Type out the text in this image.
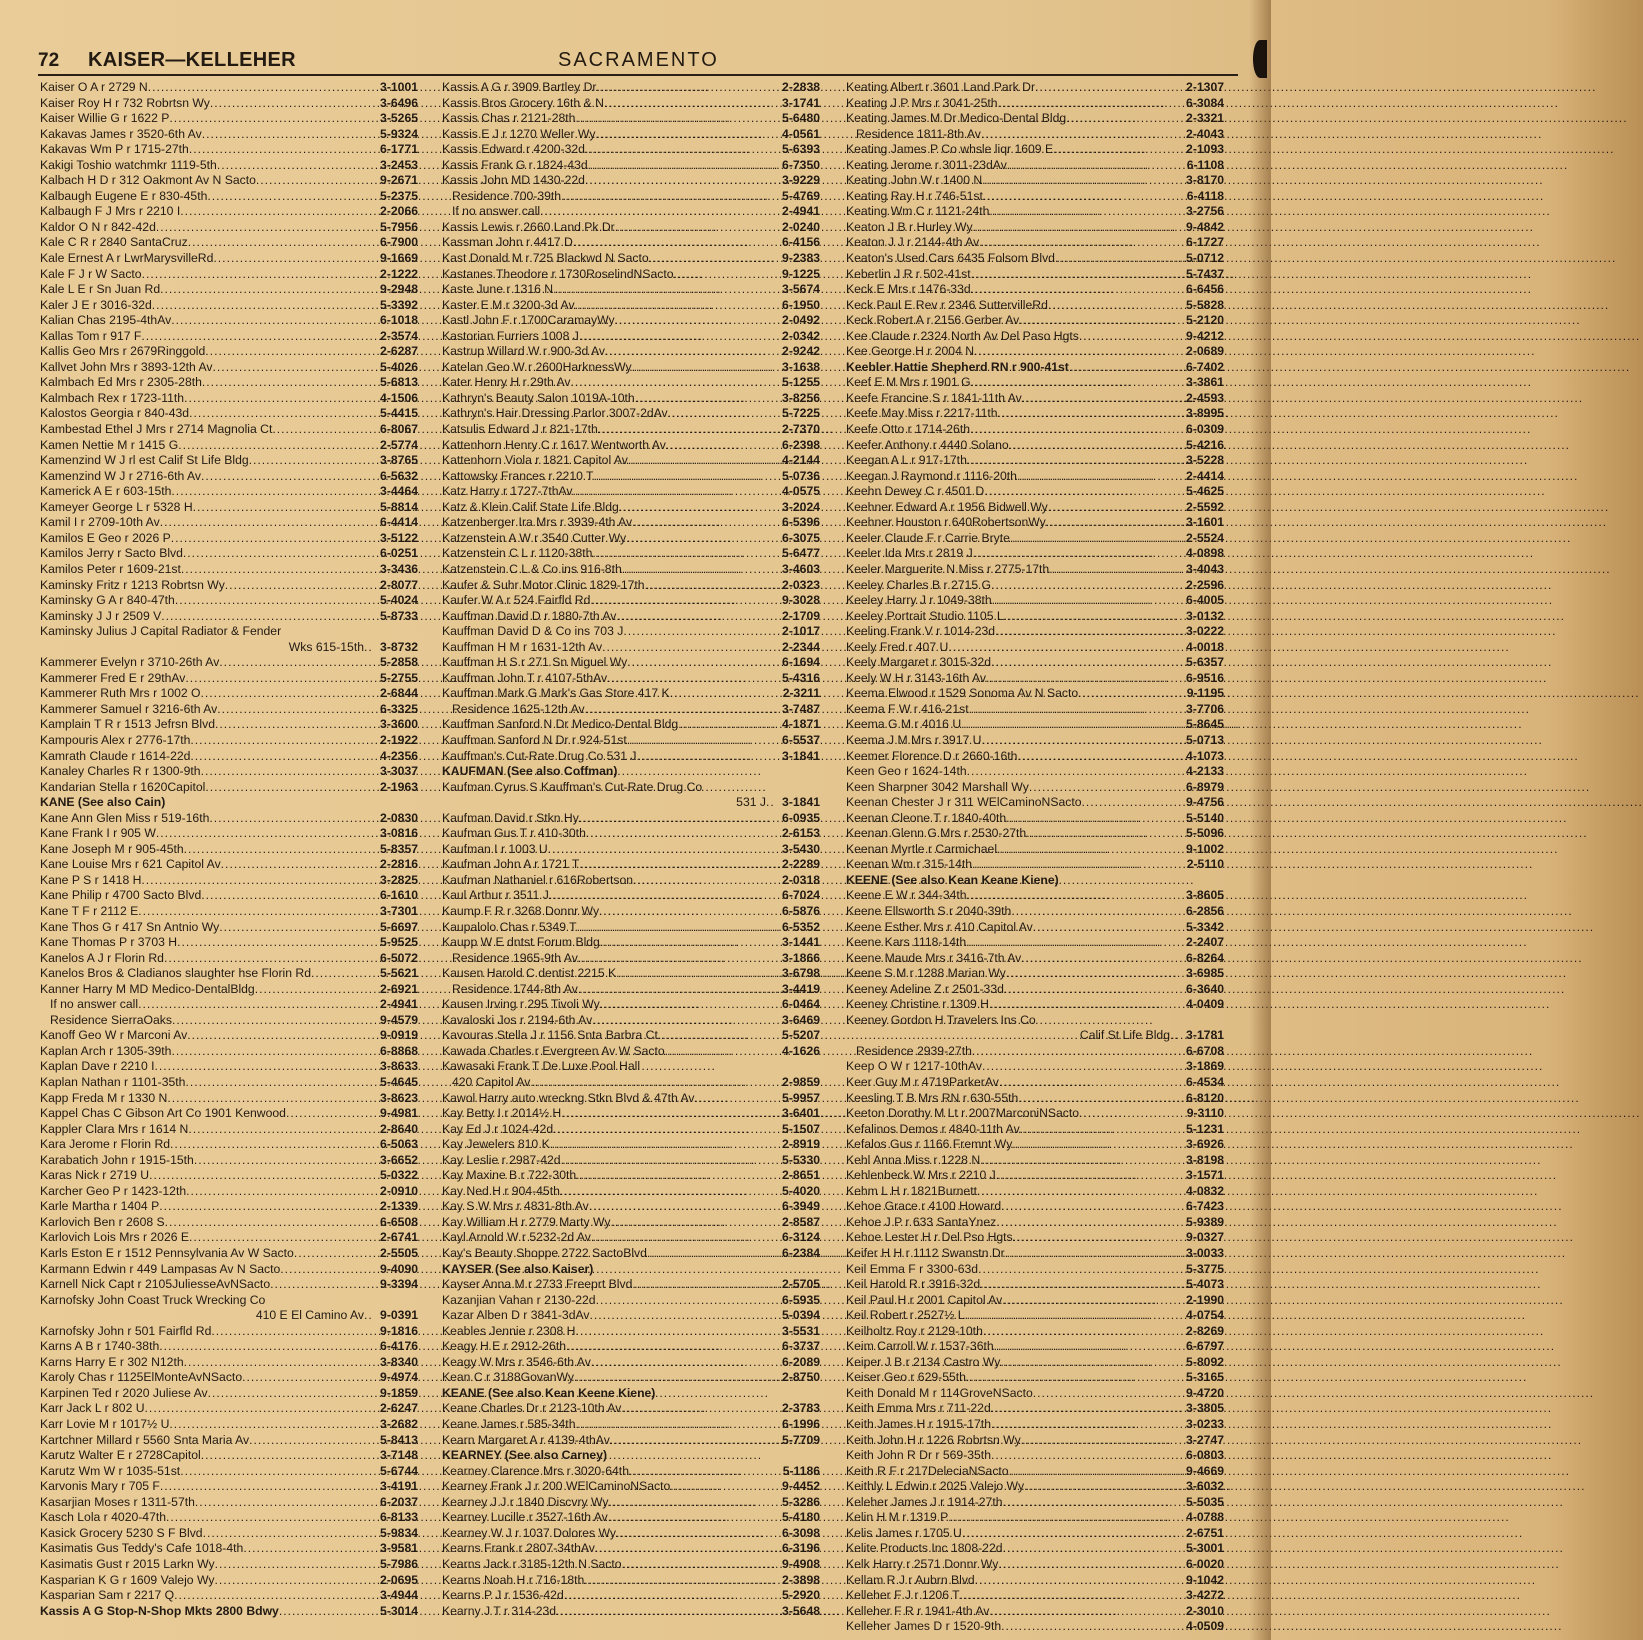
72 KAISER—KELLEHER	SACRAMENTO
Kaiser O A r 2729 N .....	3-1001
Kaiser Roy H r 732 Robrtsn Wy .....	3-6496
Kaiser Willie G r 1622 P .....	3-5265
Kakavas James r 3520-6th Av .....	5-9324
Kakavas Wm P r 1715-27th .....	6-1771
Kakigi Toshio watchmkr 1119-5th .....	3-2453
Kalbach H D r 312 Oakmont Av N Sacto .....	9-2671
Kalbaugh Eugene E r 830-45th .....	5-2375
Kalbaugh F J Mrs r 2210 I .....	2-2066
Kaldor O N r 842-42d .....	5-7956
Kale C R r 2840 SantaCruz .....	6-7900
Kale Ernest A r LwrMarysvilleRd .....	9-1669
Kale F J r W Sacto .....	2-1222
Kale L E r Sn Juan Rd .....	9-2948
Kaler J E r 3016-32d .....	5-3392
Kalian Chas 2195-4thAv .....	6-1018
Kallas Tom r 917 F .....	2-3574
Kallis Geo Mrs r 2679Ringgold .....	2-6287
Kallvet John Mrs r 3893-12th Av .....	5-4026
Kalmbach Ed Mrs r 2305-28th .....	5-6813
Kalmbach Rex r 1723-11th .....	4-1506
Kalostos Georgia r 840-43d .....	5-4415
Kambestad Ethel J Mrs r 2714 Magnolia Ct .....	6-8067
Kamen Nettie M r 1415 G .....	2-5774
Kamenzind W J rl est Calif St Life Bldg .....	3-8765
Kamenzind W J r 2716-6th Av .....	6-5632
Kamerick A E r 603-15th .....	3-4464
Kameyer George L r 5328 H .....	5-8814
Kamil I r 2709-10th Av .....	6-4414
Kamilos E Geo r 2026 P .....	3-5122
Kamilos Jerry r Sacto Blvd .....	6-0251
Kamilos Peter r 1609-21st .....	3-3436
Kaminsky Fritz r 1213 Robrtsn Wy .....	2-8077
Kaminsky G A r 840-47th .....	5-4024
Kaminsky J J r 2509 V .....	5-8733
Kaminsky Julius J Capital Radiator & Fender
Wks 615-15th ..	3-8732
Kammerer Evelyn r 3710-26th Av .....	5-2858
Kammerer Fred E r 29thAv .....	5-2755
Kammerer Ruth Mrs r 1002 O .....	2-6844
Kammerer Samuel r 3216-6th Av .....	6-3325
Kamplain T R r 1513 Jefrsn Blvd .....	3-3600
Kampouris Alex r 2776-17th .....	2-1922
Kamrath Claude r 1614-22d .....	4-2356
Kanaley Charles R r 1300-9th .....	3-3037
Kandarian Stella r 1620Capitol .....	2-1963
KANE (See also Cain)
Kane Ann Glen Miss r 519-16th .....	2-0830
Kane Frank I r 905 W .....	3-0816
Kane Joseph M r 905-45th .....	5-8357
Kane Louise Mrs r 621 Capitol Av .....	2-2816
Kane P S r 1418 H .....	3-2825
Kane Philip r 4700 Sacto Blvd .....	6-1610
Kane T F r 2112 E .....	3-7301
Kane Thos G r 417 Sn Antnio Wy .....	5-6697
Kane Thomas P r 3703 H .....	5-9525
Kanelos A J r Florin Rd .....	6-5072
Kanelos Bros & Cladianos slaughter hse Florin Rd .....	5-5621
Kanner Harry M MD Medico-DentalBldg .....	2-6921
If no answer call .....	2-4941
Residence SierraOaks .....	9-4579
Kanoff Geo W r Marconi Av .....	9-0919
Kaplan Arch r 1305-39th .....	6-8868
Kaplan Dave r 2210 I .....	3-8633
Kaplan Nathan r 1101-35th .....	5-4645
Kapp Freda M r 1330 N .....	3-8623
Kappel Chas C Gibson Art Co 1901 Kenwood .....	9-4981
Kappler Clara Mrs r 1614 N .....	2-8640
Kara Jerome r Florin Rd .....	6-5063
Karabatich John r 1915-15th .....	3-6652
Karas Nick r 2719 U .....	5-0322
Karcher Geo P r 1423-12th .....	2-0910
Karle Martha r 1404 P .....	2-1339
Karlovich Ben r 2608 S .....	6-6508
Karlovich Lois Mrs r 2026 E .....	2-6741
Karls Eston E r 1512 Pennsylvania Av W Sacto .....	2-5505
Karmann Edwin r 449 Lampasas Av N Sacto .....	9-4090
Karnell Nick Capt r 2105JuliesseAvNSacto .....	9-3394
Karnofsky John Coast Truck Wrecking Co
410 E El Camino Av ..	9-0391
Karnofsky John r 501 Fairfld Rd .....	9-1816
Karns A B r 1740-38th .....	6-4176
Karns Harry E r 302 N12th .....	3-8340
Karoly Chas r 1125ElMonteAvNSacto .....	9-4974
Karpinen Ted r 2020 Juliese Av .....	9-1859
Karr Jack L r 802 U .....	2-6247
Karr Lovie M r 1017½ U .....	3-2682
Kartchner Millard r 5560 Snta Maria Av .....	5-8413
Karutz Walter E r 2728Capitol .....	3-7148
Karutz Wm W r 1035-51st .....	5-6744
Karvonis Mary r 705 F .....	3-4191
Kasarjian Moses r 1311-57th .....	6-2037
Kasch Lola r 4020-47th .....	6-8133
Kasick Grocery 5230 S F Blvd .....	5-9834
Kasimatis Gus Teddy's Cafe 1018-4th .....	3-9581
Kasimatis Gust r 2015 Larkn Wy .....	5-7986
Kasparian K G r 1609 Valejo Wy .....	2-0695
Kasparian Sam r 2217 Q .....	3-4944
Kassis A G Stop-N-Shop Mkts 2800 Bdwy .....	5-3014
Kassis A G r 3909 Bartley Dr .....	2-2838
Kassis Bros Grocery 16th & N .....	3-1741
Kassis Chas r 2121-28th .....	5-6480
Kassis E J r 1270 Weller Wy .....	4-0561
Kassis Edward r 4200-32d .....	5-6393
Kassis Frank G r 1824-43d .....	6-7350
Kassis John MD 1430-22d .....	3-9229
Residence 700-39th .....	5-4769
If no answer call .....	2-4941
Kassis Lewis r 2660 Land Pk Dr .....	2-0240
Kassman John r 4417 D .....	6-4156
Kast Donald M r 725 Blackwd N Sacto .....	9-2383
Kastanes Theodore r 1730RoselindNSacto .....	9-1225
Kaste June r 1316 N .....	3-5674
Kaster E M r 3200-3d Av .....	6-1950
Kastl John F r 1700CaramayWy .....	2-0492
Kastorian Furriers 1008 J .....	2-0342
Kastrup Willard W r 900-3d Av .....	2-9242
Katelan Geo W r 2600HarknessWy .....	3-1638
Kater Henry H r 29th Av .....	5-1255
Kathryn's Beauty Salon 1019A-10th .....	3-8256
Kathryn's Hair Dressing Parlor 3007-2dAv .....	5-7225
Katsulis Edward J r 821-17th .....	2-7370
Kattenhorn Henry C r 1617 Wentworth Av .....	6-2398
Kattenhorn Viola r 1821 Capitol Av .....	4-2144
Kattowsky Frances r 2210 T .....	5-0736
Katz Harry r 1727-7thAv .....	4-0575
Katz & Klein Calif State Life Bldg .....	3-2024
Katzenberger Ira Mrs r 3939-4th Av .....	6-5396
Katzenstein A W r 3540 Cutter Wy .....	6-3075
Katzenstein C L r 1120-38th .....	5-6477
Katzenstein C L & Co ins 916-8th .....	3-4603
Kaufer & Suhr Motor Clinic 1829-17th .....	2-0323
Kaufer W A r 524 Fairfld Rd .....	9-3028
Kauffman David D r 1880-7th Av .....	2-1709
Kauffman David D & Co ins 703 J .....	2-1017
Kauffman H M r 1631-12th Av .....	2-2344
Kauffman H S r 271 Sn Miguel Wy .....	6-1694
Kauffman John T r 4107-5thAv .....	5-4316
Kauffman Mark G Mark's Gas Store 417 K .....	2-3211
Residence 1625-12th Av .....	3-7487
Kauffman Sanford N Dr Medico-Dental Bldg .....	4-1871
Kauffman Sanford N Dr r 924-51st .....	6-5537
Kauffman's Cut-Rate Drug Co 531 J .....	3-1841
KAUFMAN (See also Coffman)
Kaufman Cyrus S Kauffman's Cut-Rate Drug Co
531 J ..	3-1841
Kaufman David r Stkn Hy .....	6-0935
Kaufman Gus T r 410-30th .....	2-6153
Kaufman I r 1003 U .....	3-5430
Kaufman John A r 1721 T .....	2-2289
Kaufman Nathaniel r 616Robertson .....	2-0318
Kaul Arthur r 3511 J .....	6-7024
Kaump F R r 3268 Donnr Wy .....	6-5876
Kaupalolo Chas r 5349 T .....	6-5352
Kaupp W E dntst Forum Bldg .....	3-1441
Residence 1965-9th Av .....	3-1866
Kausen Harold C dentist 2215 K .....	3-6798
Residence 1744-8th Av .....	3-4419
Kausen Irving r 295 Tivoli Wy .....	6-0464
Kavaloski Jos r 2194-6th Av .....	3-6469
Kavouras Stella J r 1156 Snta Barbra Ct .....	5-5207
Kawada Charles r Evergreen Av W Sacto .....	4-1626
Kawasaki Frank T De Luxe Pool Hall
420 Capitol Av .....	2-9859
Kawol Harry auto wreckng Stkn Blvd & 47th Av .....	5-9957
Kay Betty I r 2014½ H .....	3-6401
Kay Ed J r 1024-42d .....	5-1507
Kay Jewelers 810 K .....	2-8919
Kay Leslie r 2987-42d .....	5-5330
Kay Maxine B r 722-30th .....	2-8651
Kay Ned H r 904-45th .....	5-4020
Kay S W Mrs r 4831-8th Av .....	6-3949
Kay William H r 2779 Marty Wy .....	2-8587
Kayl Arnold W r 5232-2d Av .....	6-3124
Kay's Beauty Shoppe 2722 SactoBlvd .....	6-2384
KAYSER (See also Kaiser)
Kayser Anna M r 2733 Freeprt Blvd .....	2-5705
Kazanjian Vahan r 2130-22d .....	6-5935
Kazar Alben D r 3841-3dAv .....	5-0394
Keables Jennie r 2308 H .....	3-5531
Keagy H E r 2912-26th .....	6-3737
Keagy W Mrs r 3546-6th Av .....	6-2089
Kean C r 3188GovanWy .....	2-8750
KEANE (See also Kean Keene Kiene)
Keane Charles Dr r 2123-10th Av .....	2-3783
Keane James r 585-34th .....	6-1996
Kearn Margaret A r 4139-4thAv .....	5-7709
KEARNEY (See also Carney)
Kearney Clarence Mrs r 3020-64th .....	5-1186
Kearney Frank J r 200 WElCaminoNSacto .....	9-4452
Kearney J J r 1840 Discvry Wy .....	5-3286
Kearney Lucille r 3527-16th Av .....	5-4180
Kearney W J r 1037 Dolores Wy .....	6-3098
Kearns Frank r 2807-34thAv .....	6-3196
Kearns Jack r 3185-12th N Sacto .....	9-4908
Kearns Noah H r 716-18th .....	2-3898
Kearns P J r 1536-42d .....	5-2920
Kearny J T r 314-23d .....	3-5648
Keating Albert r 3601 Land Park Dr .....	2-1307
Keating J P Mrs r 3041-25th .....	6-3084
Keating James M Dr Medico-Dental Bldg .....	2-3321
Residence 1811-8th Av .....	2-4043
Keating James P Co whsle liqr 1609 E .....	2-1093
Keating Jerome r 3011-23dAv .....	6-1108
Keating John W r 1400 N .....	3-8170
Keating Ray H r 746-51st .....	6-4118
Keating Wm C r 1121-24th .....	3-2756
Keaton J B r Hurley Wy .....	9-4842
Keaton J J r 2144-4th Av .....	6-1727
Keaton's Used Cars 6435 Folsom Blvd .....	5-0712
Keberlin J R r 502-41st .....	5-7437
Keck E Mrs r 1476-33d .....	6-6456
Keck Paul E Rev r 2346 SuttervilleRd .....	5-5828
Keck Robert A r 2156 Gerber Av .....	5-2120
Kee Claude r 2324 North Av Del Paso Hgts .....	9-4212
Kee George H r 2004 N .....	2-0689
Keebler Hattie Shepherd RN r 900-41st .....	6-7402
Keef E M Mrs r 1901 G .....	3-3861
Keefe Francine S r 1841-11th Av .....	2-4593
Keefe May Miss r 2217-11th .....	3-8995
Keefe Otto r 1714-26th .....	6-0309
Keefer Anthony r 4440 Solano .....	5-4216
Keegan A L r 917-17th .....	3-5228
Keegan J Raymond r 1116-20th .....	2-4414
Keehn Dewey C r 4501 D .....	5-4625
Keehner Edward A r 1956 Bidwell Wy .....	2-5592
Keehner Houston r 640RobertsonWy .....	3-1601
Keeler Claude F r Carrie Bryte .....	2-5524
Keeler Ida Mrs r 2819 J .....	4-0898
Keeler Marguerite N Miss r 2775-17th .....	3-4043
Keeley Charles B r 2715 G .....	2-2596
Keeley Harry J r 1049-38th .....	6-4005
Keeley Portrait Studio 1105 L .....	3-0132
Keeling Frank V r 1014-23d .....	3-0222
Keely Fred r 407 U .....	4-0018
Keely Margaret r 3015-32d .....	5-6357
Keely W H r 3143-16th Av .....	6-9516
Keema Elwood r 1529 Sonoma Av N Sacto .....	9-1195
Keema F W r 416-21st .....	3-7706
Keema G M r 4016 U .....	5-8645
Keema J M Mrs r 3917 U .....	5-0713
Keemer Florence D r 2660-16th .....	4-1073
Keen Geo r 1624-14th .....	4-2133
Keen Sharpner 3042 Marshall Wy .....	6-8979
Keenan Chester J r 311 WElCaminoNSacto .....	9-4756
Keenan Cleone T r 1840-40th .....	5-5140
Keenan Glenn G Mrs r 2530-27th .....	5-5096
Keenan Myrtle r Carmichael .....	9-1002
Keenan Wm r 315-14th .....	2-5110
KEENE (See also Kean Keane Kiene)
Keene E W r 344-34th .....	3-8605
Keene Ellsworth S r 2040-39th .....	6-2856
Keene Esther Mrs r 410 Capitol Av .....	5-3342
Keene Kars 1118-14th .....	2-2407
Keene Maude Mrs r 3416-7th Av .....	6-8264
Keene S M r 1288 Marian Wy .....	3-6985
Keeney Adeline Z r 2501-33d .....	6-3640
Keeney Christine r 1309 H .....	4-0409
Keeney Gordon H Travelers Ins Co
Calif St Life Bldg ..	3-1781
Residence 2939-27th .....	6-6708
Keep O W r 1217-10thAv .....	3-1869
Keer Guy M r 4719ParkerAv .....	6-4534
Keesling T B Mrs RN r 630-55th .....	6-8120
Keeton Dorothy M Lt r 2007MarconiNSacto .....	9-3110
Kefalinos Demos r 4840-11th Av .....	5-1231
Kefalos Gus r 1166 Fremnt Wy .....	3-6926
Kehl Anna Miss r 1228 N .....	3-8198
Kehlenbeck W Mrs r 2210 J .....	3-1571
Kehm L H r 1821Burnett .....	4-0832
Kehoe Grace r 4100 Howard .....	6-7423
Kehoe J P r 633 SantaYnez .....	5-9389
Kehoe Lester H r Del Pso Hgts .....	9-0327
Keifer H H r 1112 Swanstn Dr .....	3-0033
Keil Emma F r 3300-63d .....	5-3775
Keil Harold R r 3916-32d .....	5-4073
Keil Paul H r 2001 Capitol Av .....	2-1990
Keil Robert r 2527½ L .....	4-0754
Keilholtz Roy r 2129-10th .....	2-8269
Keim Carroll W r 1537-36th .....	6-6797
Keiper J B r 2134 Castro Wy .....	5-8092
Keiser Geo r 629-55th .....	5-3165
Keith Donald M r 114GroveNSacto .....	9-4720
Keith Emma Mrs r 711-22d .....	3-3805
Keith James H r 1915-17th .....	3-0233
Keith John H r 1226 Robrtsn Wy .....	3-2747
Keith John R Dr r 569-35th .....	6-0803
Keith R F r 217DeleciaNSacto .....	9-4669
Keithly L Edwin r 2025 Valejo Wy .....	3-6032
Keleher James J r 1914-27th .....	5-5035
Kelin H M r 1319 P .....	4-0788
Kelis James r 1705 U .....	2-6751
Kelite Products Inc 1808-22d .....	5-3001
Kelk Harry r 2571 Donnr Wy .....	6-0020
Kellam R J r Aubrn Blvd .....	9-1042
Kelleher F J r 1206 T .....	3-4272
Kelleher F R r 1941-4th Av .....	2-3010
Kelleher James D r 1520-9th .....	4-0509
